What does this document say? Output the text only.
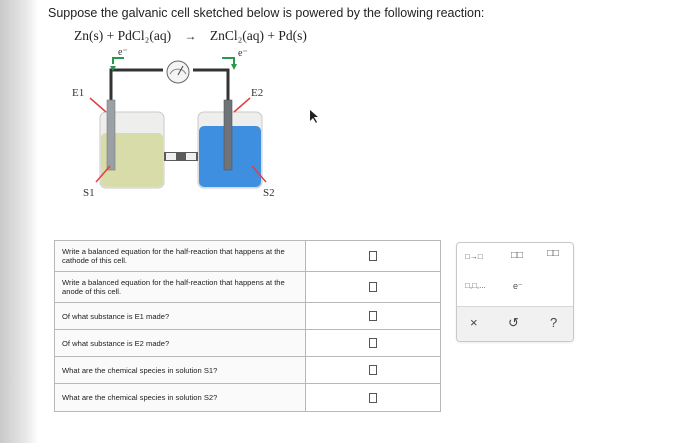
Suppose the galvanic cell sketched below is powered by the following reaction:
Zn(s) + PdCl₂(aq) → ZnCl₂(aq) + Pd(s)
e⁻	e⁻
E1	E2
S1	S2
Write a balanced equation for the half-reaction that happens at the cathode of this cell.
Write a balanced equation for the half-reaction that happens at the anode of this cell.
Of what substance is E1 made?
Of what substance is E2 made?
What are the chemical species in solution S1?
What are the chemical species in solution S2?
□→□	□□ □□
□,□,...	e⁻
× ↺ ?
